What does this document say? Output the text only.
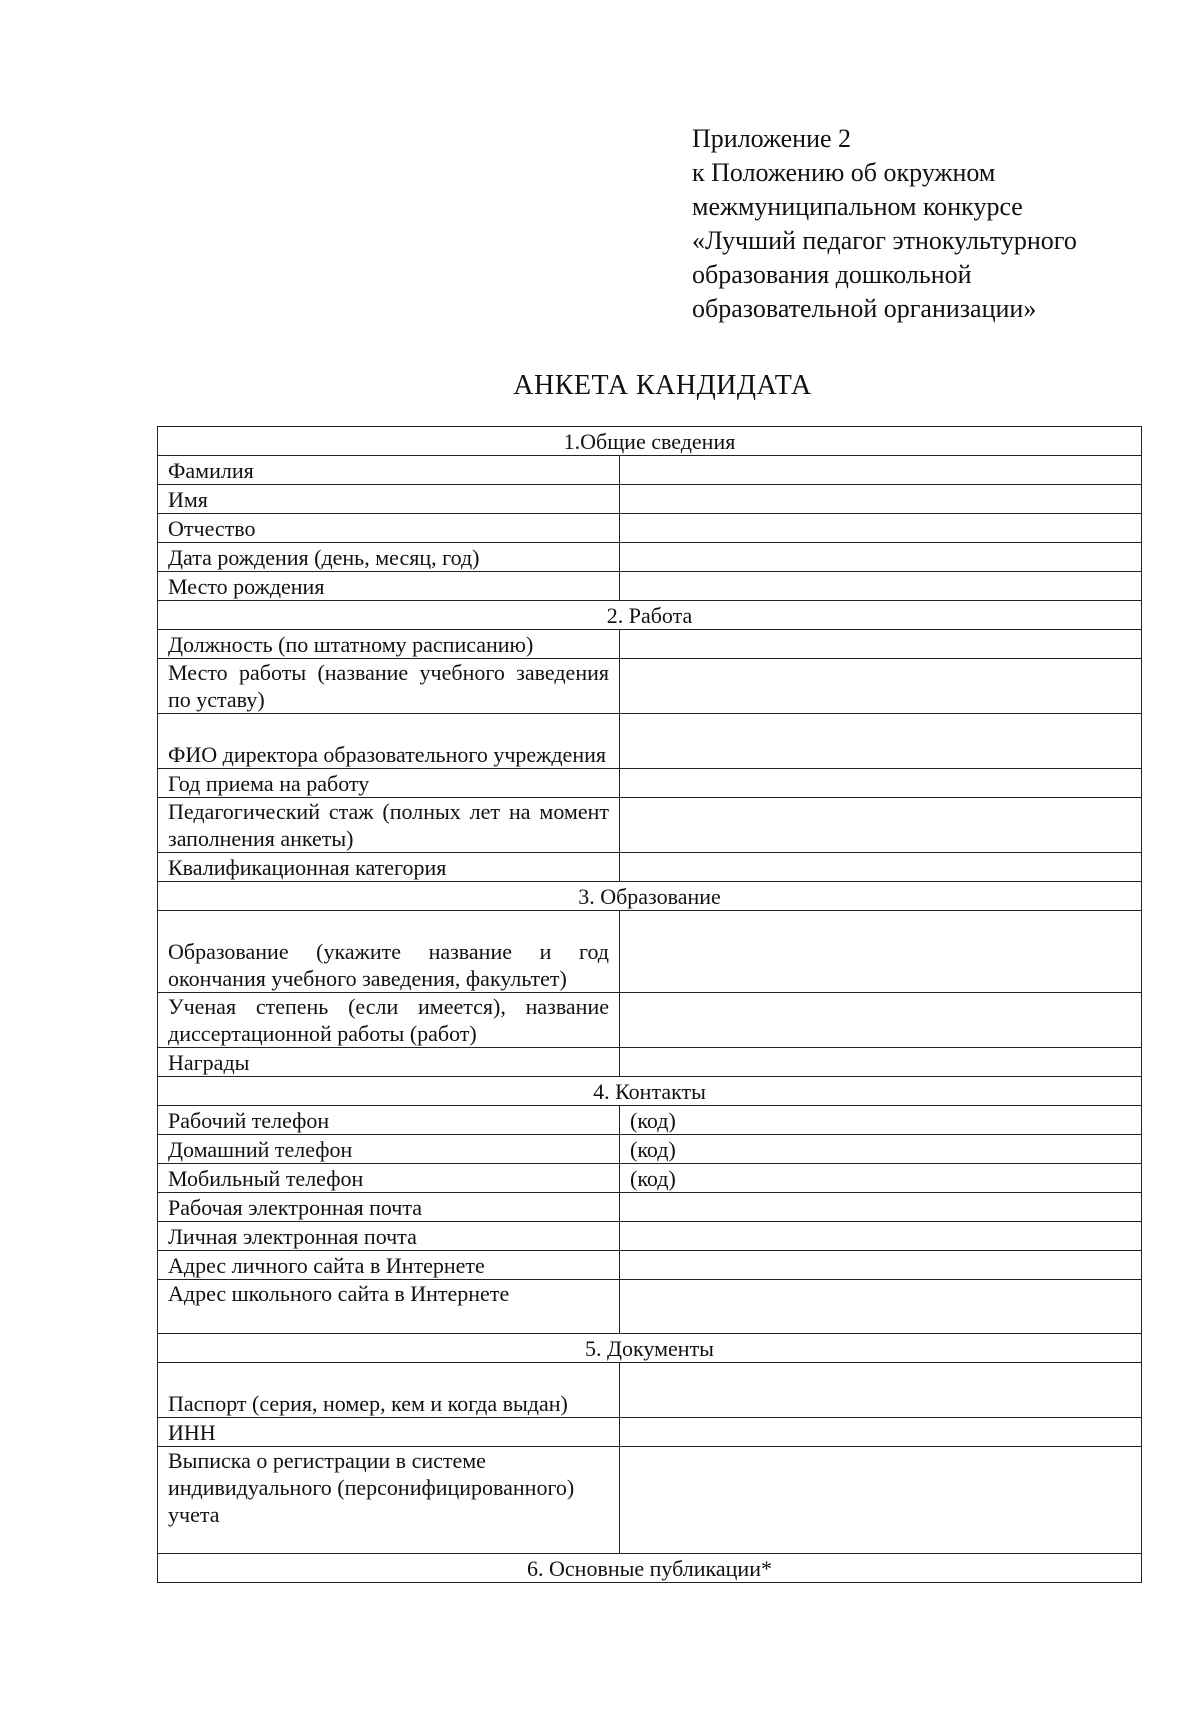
Приложение 2
к Положению об окружном
межмуниципальном конкурсе
«Лучший педагог этнокультурного
образования дошкольной
образовательной организации»
АНКЕТА КАНДИДАТА
1.Общие сведения	
Фамилия	
Имя	
Отчество	
Дата рождения (день, месяц, год)	
Место рождения	
2. Работа	
Должность (по штатному расписанию)	
Место работы (название учебного заведения по уставу)	
ФИО директора образовательного учреждения	
Год приема на работу	
Педагогический стаж (полных лет на момент заполнения анкеты)	
Квалификационная категория	
3. Образование	
Образование (укажите название и год окончания учебного заведения, факультет)	
Ученая степень (если имеется), название диссертационной работы (работ)	
Награды	
4. Контакты	
Рабочий телефон	(код)
Домашний телефон	(код)
Мобильный телефон	(код)
Рабочая электронная почта	
Личная электронная почта	
Адрес личного сайта в Интернете	
Адрес школьного сайта в Интернете	
5. Документы	
Паспорт (серия, номер, кем и когда выдан)	
ИНН	
Выписка о регистрации в системе индивидуального (персонифицированного) учета	
6. Основные публикации*	
